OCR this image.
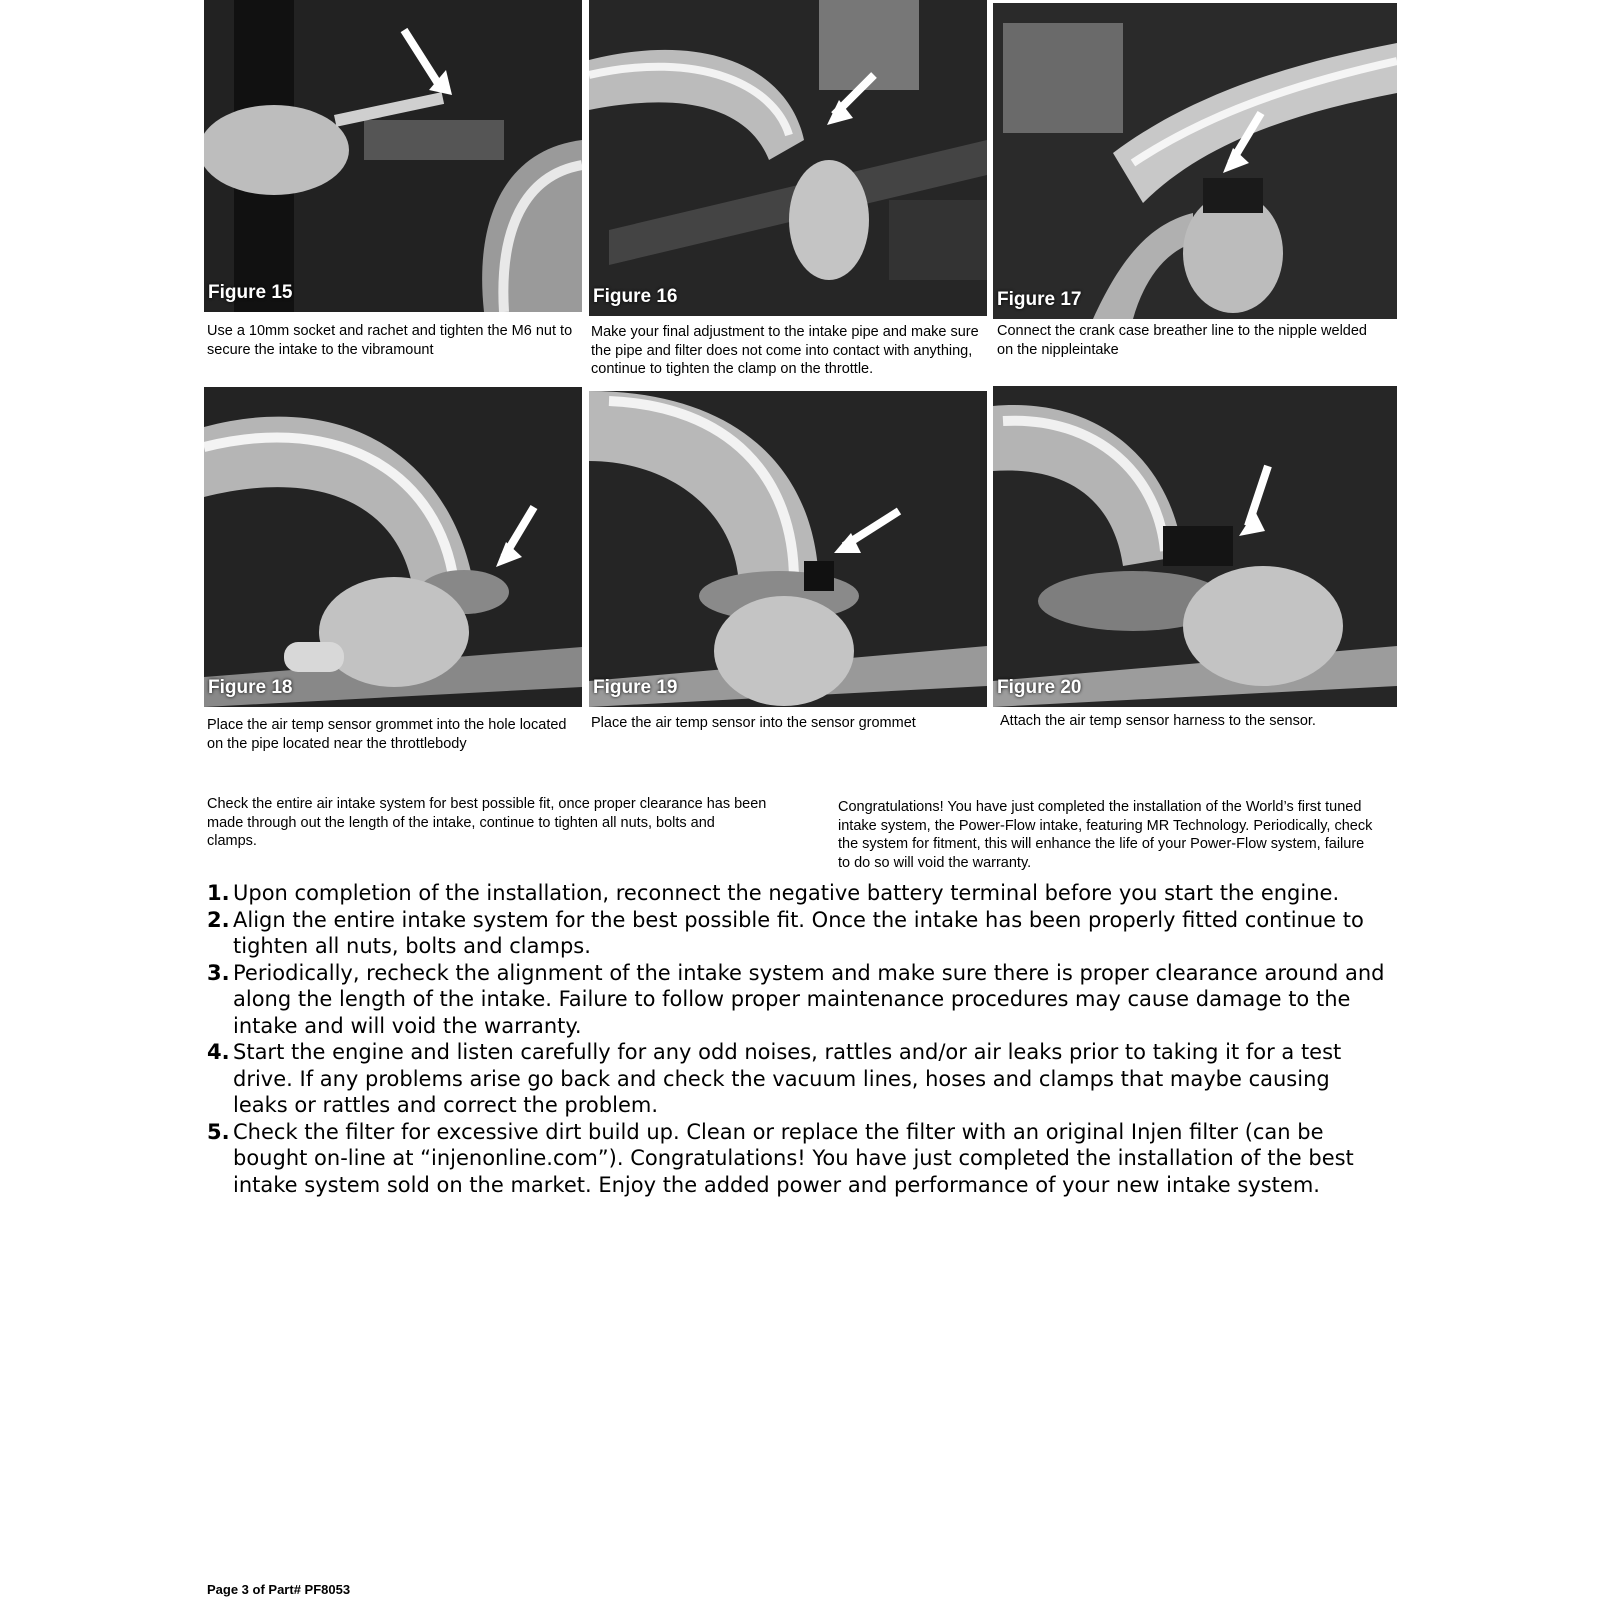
Figure 15	Figure 16	Figure 17
Use a 10mm socket and rachet and tighten the M6 nut to secure the intake to the vibramount
Make your final adjustment to the intake pipe and make sure the pipe and filter does not come into contact with anything, continue to tighten the clamp on the throttle.
Connect the crank case breather line to the nipple welded on the nippleintake
Figure 18	Figure 19	Figure 20
Place the air temp sensor grommet into the hole located on the pipe located near the throttlebody
Place the air temp sensor into the sensor grommet	Attach the air temp sensor harness to the sensor.
Check the entire air intake system for best possible fit, once proper clearance has been made through out the length of the intake, continue to tighten all nuts, bolts and clamps.
Congratulations! You have just completed the installation of the World’s first tuned intake system, the Power-Flow intake, featuring MR Technology. Periodically, check the system for fitment, this will enhance the life of your Power-Flow system, failure to do so will void the warranty.
1. Upon completion of the installation, reconnect the negative battery terminal before you start the engine.
2. Align the entire intake system for the best possible fit. Once the intake has been properly fitted continue to tighten all nuts, bolts and clamps.
3. Periodically, recheck the alignment of the intake system and make sure there is proper clearance around and along the length of the intake. Failure to follow proper maintenance procedures may cause damage to the intake and will void the warranty.
4. Start the engine and listen carefully for any odd noises, rattles and/or air leaks prior to taking it for a test drive. If any problems arise go back and check the vacuum lines, hoses and clamps that maybe causing leaks or rattles and correct the problem.
5. Check the filter for excessive dirt build up. Clean or replace the filter with an original Injen filter (can be bought on-line at “injenonline.com”). Congratulations! You have just completed the installation of the best intake system sold on the market. Enjoy the added power and performance of your new intake system.
Page 3 of Part# PF8053
